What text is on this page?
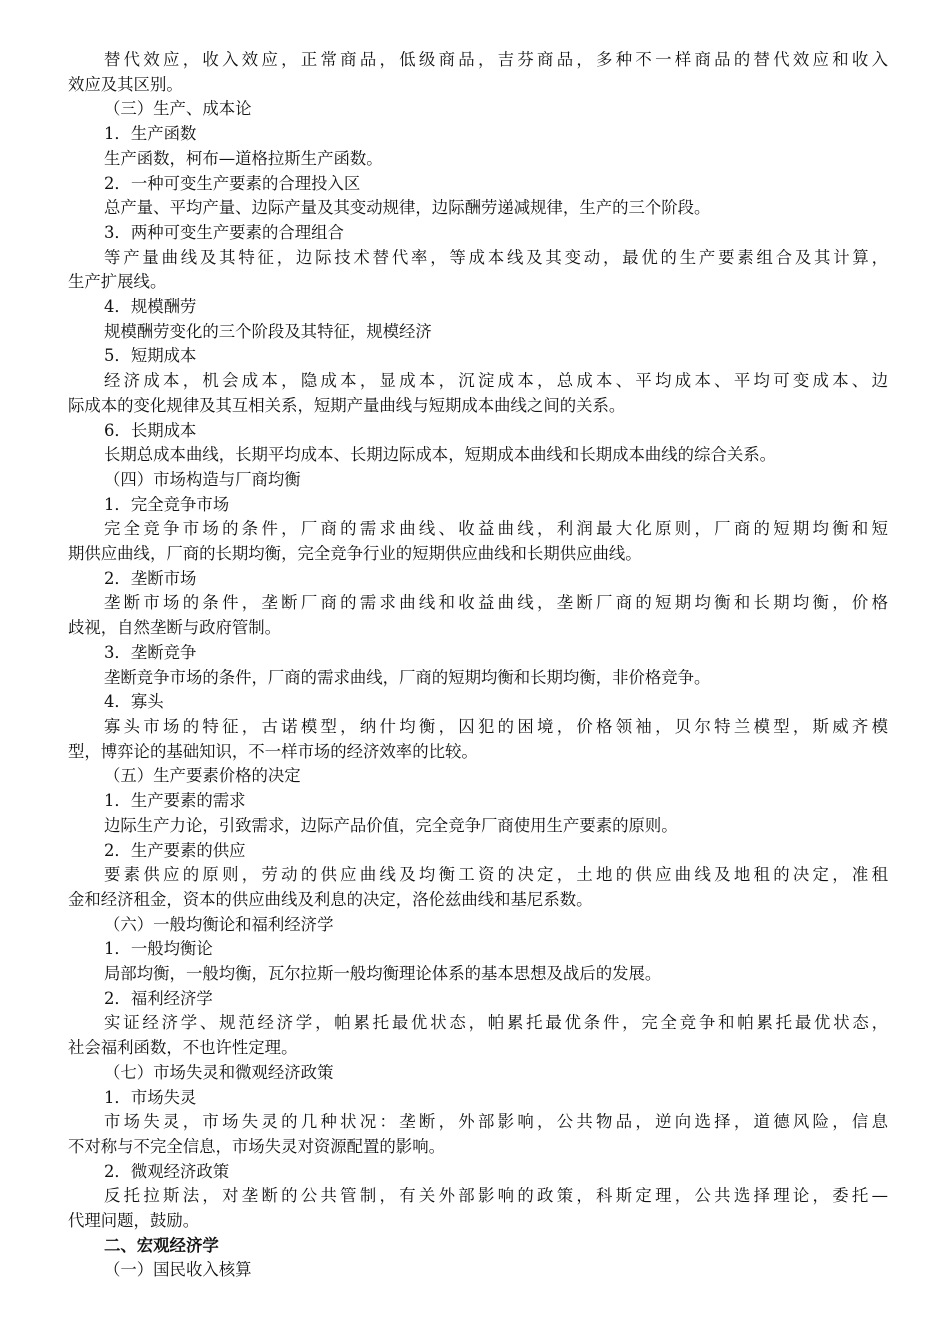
替代效应，收入效应，正常商品，低级商品，吉芬商品，多种不一样商品的替代效应和收入

效应及其区别。

（三）生产、成本论

1．生产函数

生产函数，柯布—道格拉斯生产函数。

2．一种可变生产要素的合理投入区

总产量、平均产量、边际产量及其变动规律，边际酬劳递减规律，生产的三个阶段。

3．两种可变生产要素的合理组合

等产量曲线及其特征，边际技术替代率，等成本线及其变动，最优的生产要素组合及其计算，

生产扩展线。

4．规模酬劳

规模酬劳变化的三个阶段及其特征，规模经济

5．短期成本

经济成本，机会成本，隐成本，显成本，沉淀成本，总成本、平均成本、平均可变成本、边

际成本的变化规律及其互相关系，短期产量曲线与短期成本曲线之间的关系。

6．长期成本

长期总成本曲线，长期平均成本、长期边际成本，短期成本曲线和长期成本曲线的综合关系。

（四）市场构造与厂商均衡

1．完全竞争市场

完全竞争市场的条件，厂商的需求曲线、收益曲线，利润最大化原则，厂商的短期均衡和短

期供应曲线，厂商的长期均衡，完全竞争行业的短期供应曲线和长期供应曲线。

2．垄断市场

垄断市场的条件，垄断厂商的需求曲线和收益曲线，垄断厂商的短期均衡和长期均衡，价格

歧视，自然垄断与政府管制。

3．垄断竞争

垄断竞争市场的条件，厂商的需求曲线，厂商的短期均衡和长期均衡，非价格竞争。

4．寡头

寡头市场的特征，古诺模型，纳什均衡，囚犯的困境，价格领袖，贝尔特兰模型，斯威齐模

型，博弈论的基础知识，不一样市场的经济效率的比较。

（五）生产要素价格的决定

1．生产要素的需求

边际生产力论，引致需求，边际产品价值，完全竞争厂商使用生产要素的原则。

2．生产要素的供应

要素供应的原则，劳动的供应曲线及均衡工资的决定，土地的供应曲线及地租的决定，准租

金和经济租金，资本的供应曲线及利息的决定，洛伦兹曲线和基尼系数。

（六）一般均衡论和福利经济学

1．一般均衡论

局部均衡，一般均衡，瓦尔拉斯一般均衡理论体系的基本思想及战后的发展。

2．福利经济学

实证经济学、规范经济学，帕累托最优状态，帕累托最优条件，完全竞争和帕累托最优状态，

社会福利函数，不也许性定理。

（七）市场失灵和微观经济政策

1．市场失灵

市场失灵，市场失灵的几种状况：垄断，外部影响，公共物品，逆向选择，道德风险，信息

不对称与不完全信息，市场失灵对资源配置的影响。

2．微观经济政策

反托拉斯法，对垄断的公共管制，有关外部影响的政策，科斯定理，公共选择理论，委托—

代理问题，鼓励。

二、宏观经济学

（一）国民收入核算
